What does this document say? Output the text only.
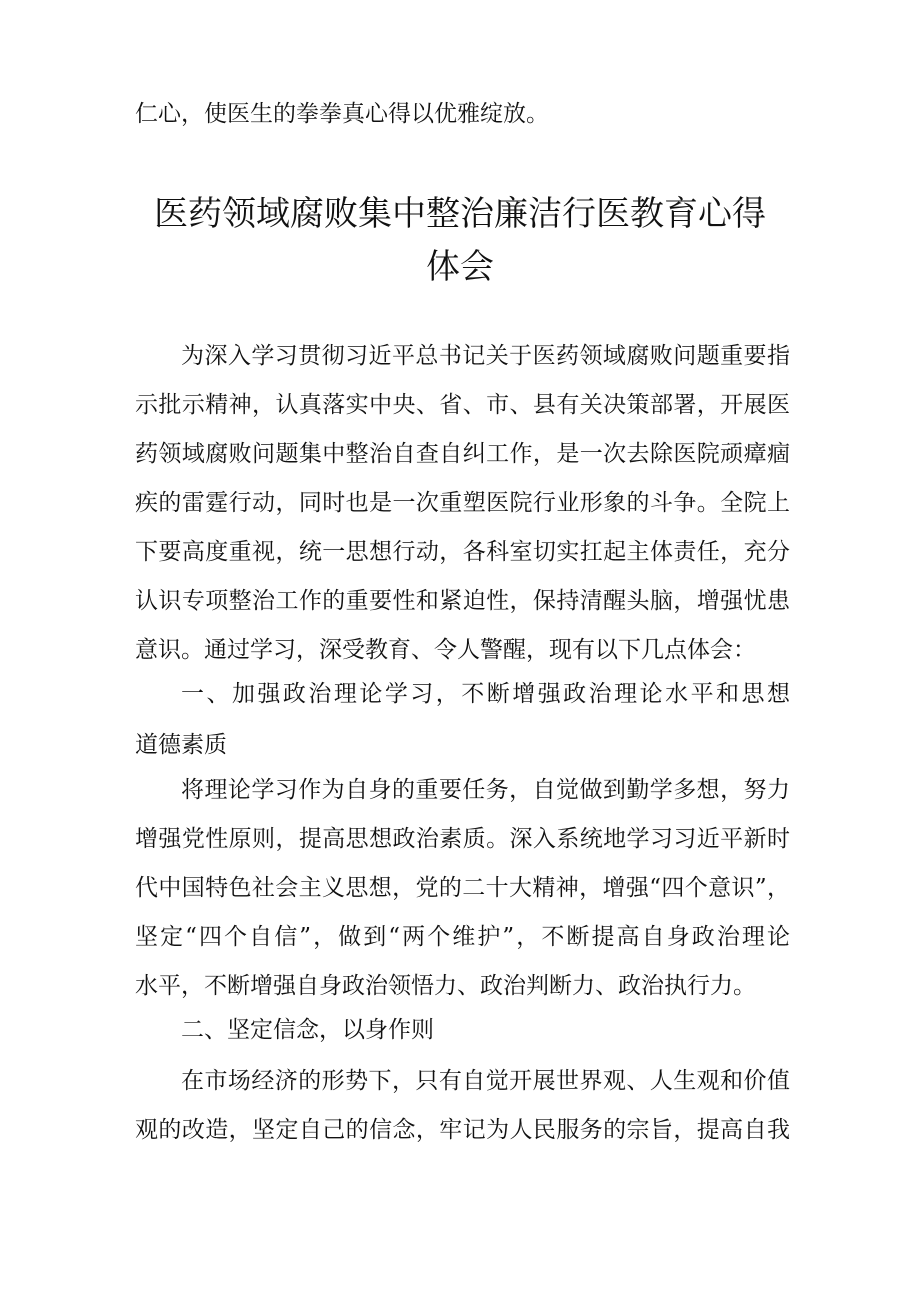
仁心，使医生的拳拳真心得以优雅绽放。
医药领域腐败集中整治廉洁行医教育心得
体会
为深入学习贯彻习近平总书记关于医药领域腐败问题重要指
示批示精神，认真落实中央、省、市、县有关决策部署，开展医
药领域腐败问题集中整治自查自纠工作，是一次去除医院顽瘴痼
疾的雷霆行动，同时也是一次重塑医院行业形象的斗争。全院上
下要高度重视，统一思想行动，各科室切实扛起主体责任，充分
认识专项整治工作的重要性和紧迫性，保持清醒头脑，增强忧患
意识。通过学习，深受教育、令人警醒，现有以下几点体会：
一、加强政治理论学习，不断增强政治理论水平和思想
道德素质
将理论学习作为自身的重要任务，自觉做到勤学多想，努力
增强党性原则，提高思想政治素质。深入系统地学习习近平新时
代中国特色社会主义思想，党的二十大精神，增强“四个意识”，
坚定“四个自信”，做到“两个维护”，不断提高自身政治理论
水平，不断增强自身政治领悟力、政治判断力、政治执行力。
二、坚定信念，以身作则
在市场经济的形势下，只有自觉开展世界观、人生观和价值
观的改造，坚定自己的信念，牢记为人民服务的宗旨，提高自我
